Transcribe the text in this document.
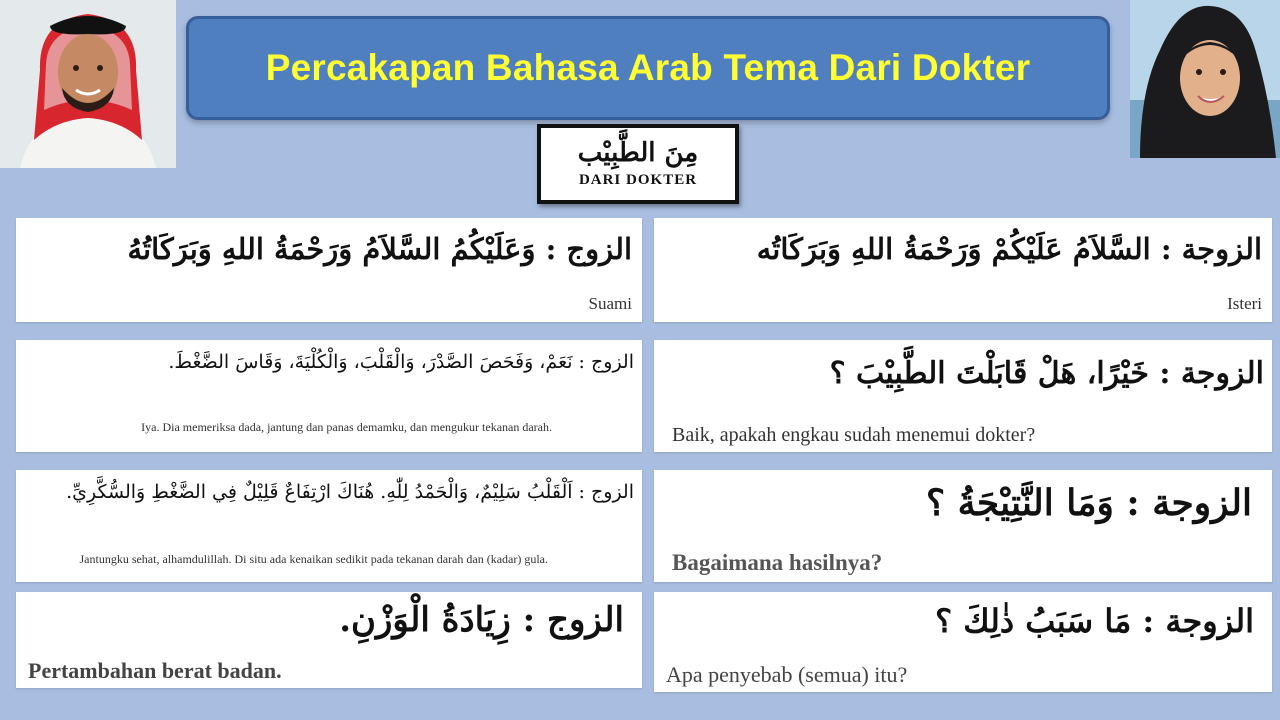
Percakapan Bahasa Arab Tema Dari Dokter
مِنَ الطَّبِيْب
DARI DOKTER
الزوج : وَعَلَيْكُمُ السَّلاَمُ وَرَحْمَةُ اللهِ وَبَرَكَاتُهُ
Suami
الزوجة : السَّلاَمُ عَلَيْكُمْ وَرَحْمَةُ اللهِ وَبَرَكَاتُه
Isteri
الزوج : نَعَمْ، وَفَحَصَ الصَّدْرَ، وَالْقَلْبَ، وَالْكُلْيَةَ، وَقَاسَ الضَّغْطَ.
Iya. Dia memeriksa dada, jantung dan panas demamku, dan mengukur tekanan darah.
الزوجة : خَيْرًا، هَلْ قَابَلْتَ الطَّبِيْبَ ؟
Baik, apakah engkau sudah menemui dokter?
الزوج : اَلْقَلْبُ سَلِيْمٌ، وَالْحَمْدُ لِلّٰهِ. هُنَاكَ ارْتِفَاعٌ قَلِيْلٌ فِي الضَّغْطِ وَالسُّكَّرِيِّ.
Jantungku sehat, alhamdulillah. Di situ ada kenaikan sedikit pada tekanan darah dan (kadar) gula.
الزوجة : وَمَا النَّتِيْجَةُ ؟
Bagaimana hasilnya?
الزوج : زِيَادَةُ الْوَزْنِ.
Pertambahan berat badan.
الزوجة : مَا سَبَبُ ذٰلِكَ ؟
Apa penyebab (semua) itu?
